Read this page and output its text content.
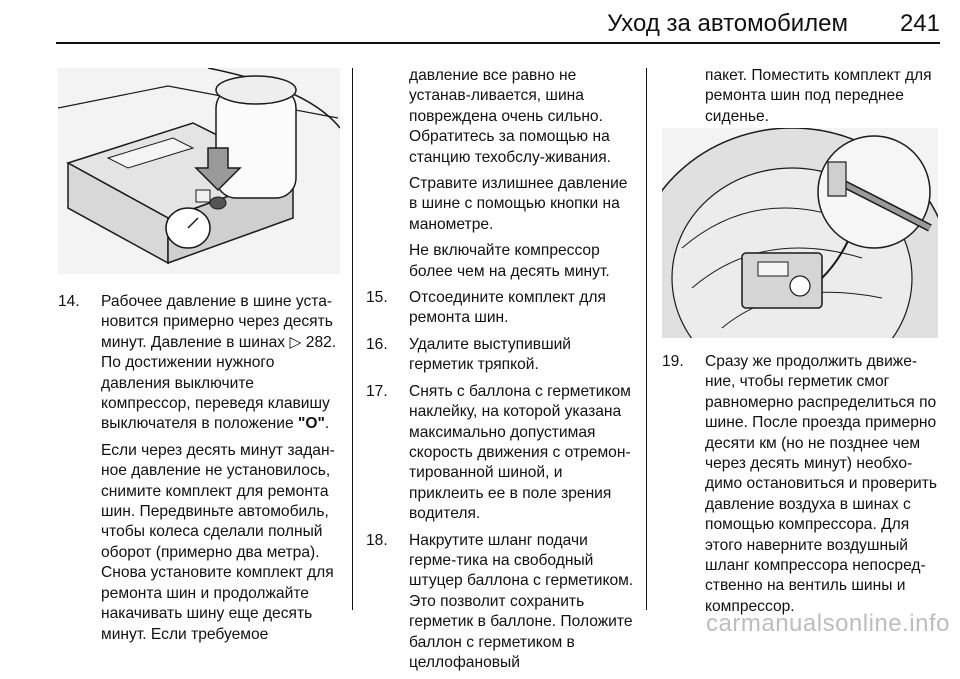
Уход за автомобилем 241
14. Рабочее давление в шине уста-новится примерно через десять минут. Давление в шинах ▷ 282. По достижении нужного давления выключите компрессор, переведя клавишу выключателя в положение "O".
Если через десять минут задан-ное давление не установилось, снимите комплект для ремонта шин. Передвиньте автомобиль, чтобы колеса сделали полный оборот (примерно два метра). Снова установите комплект для ремонта шин и продолжайте накачивать шину еще десять минут. Если требуемое
давление все равно не устанав-ливается, шина повреждена очень сильно. Обратитесь за помощью на станцию техобслу-живания.
Стравите излишнее давление в шине с помощью кнопки на манометре.
Не включайте компрессор более чем на десять минут.
15. Отсоедините комплект для ремонта шин.
16. Удалите выступивший герметик тряпкой.
17. Снять с баллона с герметиком наклейку, на которой указана максимально допустимая скорость движения с отремон-тированной шиной, и приклеить ее в поле зрения водителя.
18. Накрутите шланг подачи герме-тика на свободный штуцер баллона с герметиком. Это позволит сохранить герметик в баллоне. Положите баллон с герметиком в целлофановый
пакет. Поместить комплект для ремонта шин под переднее сиденье.
19. Сразу же продолжить движе-ние, чтобы герметик смог равномерно распределиться по шине. После проезда примерно десяти км (но не позднее чем через десять минут) необхо-димо остановиться и проверить давление воздуха в шинах с помощью компрессора. Для этого наверните воздушный шланг компрессора непосред-ственно на вентиль шины и компрессор.
carmanualsonline.info
